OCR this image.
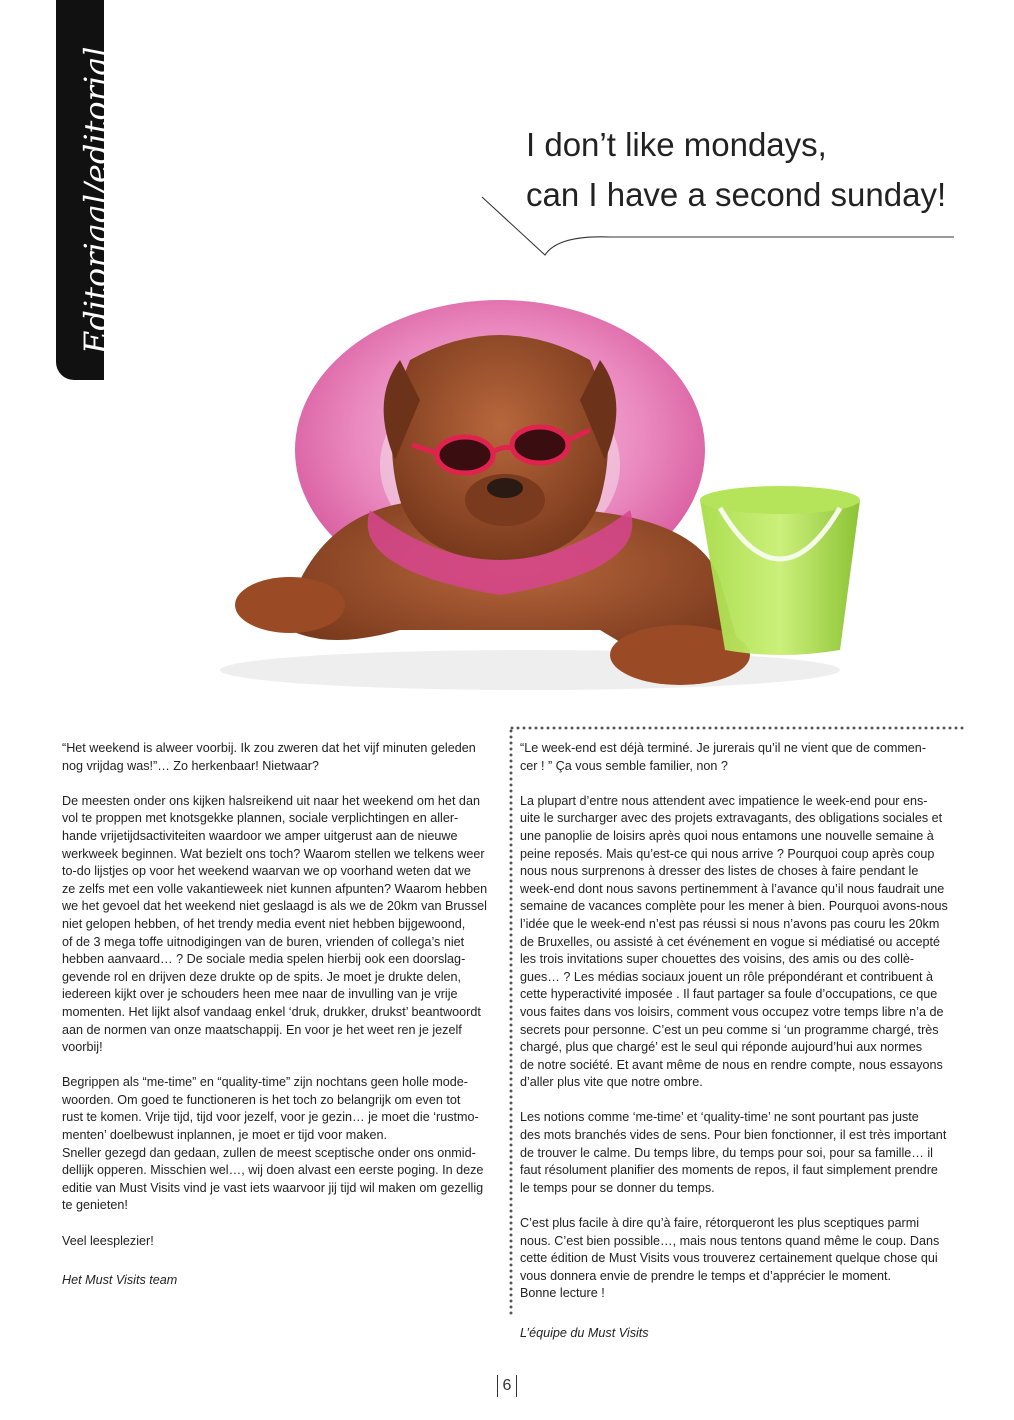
Editoriaal/editorial	I don’t like mondays,
can I have a second sunday!

“Het weekend is alweer voorbij. Ik zou zweren dat het vijf minuten geleden
nog vrijdag was!”… Zo herkenbaar! Nietwaar?

De meesten onder ons kijken halsreikend uit naar het weekend om het dan
vol te proppen met knotsgekke plannen, sociale verplichtingen en aller-
hande vrijetijdsactiviteiten waardoor we amper uitgerust aan de nieuwe
werkweek beginnen. Wat bezielt ons toch? Waarom stellen we telkens weer
to-do lijstjes op voor het weekend waarvan we op voorhand weten dat we
ze zelfs met een volle vakantieweek niet kunnen afpunten? Waarom hebben
we het gevoel dat het weekend niet geslaagd is als we de 20km van Brussel
niet gelopen hebben, of het trendy media event niet hebben bijgewoond,
of de 3 mega toffe uitnodigingen van de buren, vrienden of collega’s niet
hebben aanvaard… ? De sociale media spelen hierbij ook een doorslag-
gevende rol en drijven deze drukte op de spits. Je moet je drukte delen,
iedereen kijkt over je schouders heen mee naar de invulling van je vrije
momenten. Het lijkt alsof vandaag enkel ‘druk, drukker, drukst’ beantwoordt
aan de normen van onze maatschappij. En voor je het weet ren je jezelf
voorbij!

Begrippen als “me-time” en “quality-time” zijn nochtans geen holle mode-
woorden. Om goed te functioneren is het toch zo belangrijk om even tot
rust te komen. Vrije tijd, tijd voor jezelf, voor je gezin… je moet die ‘rustmo-
menten’ doelbewust inplannen, je moet er tijd voor maken.

Sneller gezegd dan gedaan, zullen de meest sceptische onder ons onmid-
dellijk opperen. Misschien wel…, wij doen alvast een eerste poging. In deze
editie van Must Visits vind je vast iets waarvoor jij tijd wil maken om gezellig
te genieten!

Veel leesplezier!

Het Must Visits team

“Le week-end est déjà terminé. Je jurerais qu’il ne vient que de commen-
cer ! ” Ça vous semble familier, non ?

La plupart d’entre nous attendent avec impatience le week-end pour ens-
uite le surcharger avec des projets extravagants, des obligations sociales et
une panoplie de loisirs après quoi nous entamons une nouvelle semaine à
peine reposés. Mais qu’est-ce qui nous arrive ? Pourquoi coup après coup
nous nous surprenons à dresser des listes de choses à faire pendant le
week-end dont nous savons pertinemment à l’avance qu’il nous faudrait une
semaine de vacances complète pour les mener à bien. Pourquoi avons-nous
l’idée que le week-end n’est pas réussi si nous n’avons pas couru les 20km
de Bruxelles, ou assisté à cet événement en vogue si médiatisé ou accepté
les trois invitations super chouettes des voisins, des amis ou des collè-
gues… ? Les médias sociaux jouent un rôle prépondérant et contribuent à
cette hyperactivité imposée . Il faut partager sa foule d’occupations, ce que
vous faites dans vos loisirs, comment vous occupez votre temps libre n’a de
secrets pour personne. C’est un peu comme si ‘un programme chargé, très
chargé, plus que chargé’ est le seul qui réponde aujourd’hui aux normes
de notre société. Et avant même de nous en rendre compte, nous essayons
d’aller plus vite que notre ombre.

Les notions comme ‘me-time’ et ‘quality-time’ ne sont pourtant pas juste
des mots branchés vides de sens. Pour bien fonctionner, il est très important
de trouver le calme. Du temps libre, du temps pour soi, pour sa famille… il
faut résolument planifier des moments de repos, il faut simplement prendre
le temps pour se donner du temps.

C’est plus facile à dire qu’à faire, rétorqueront les plus sceptiques parmi
nous. C’est bien possible…, mais nous tentons quand même le coup. Dans
cette édition de Must Visits vous trouverez certainement quelque chose qui
vous donnera envie de prendre le temps et d’apprécier le moment.

Bonne lecture !

L’équipe du Must Visits

6
